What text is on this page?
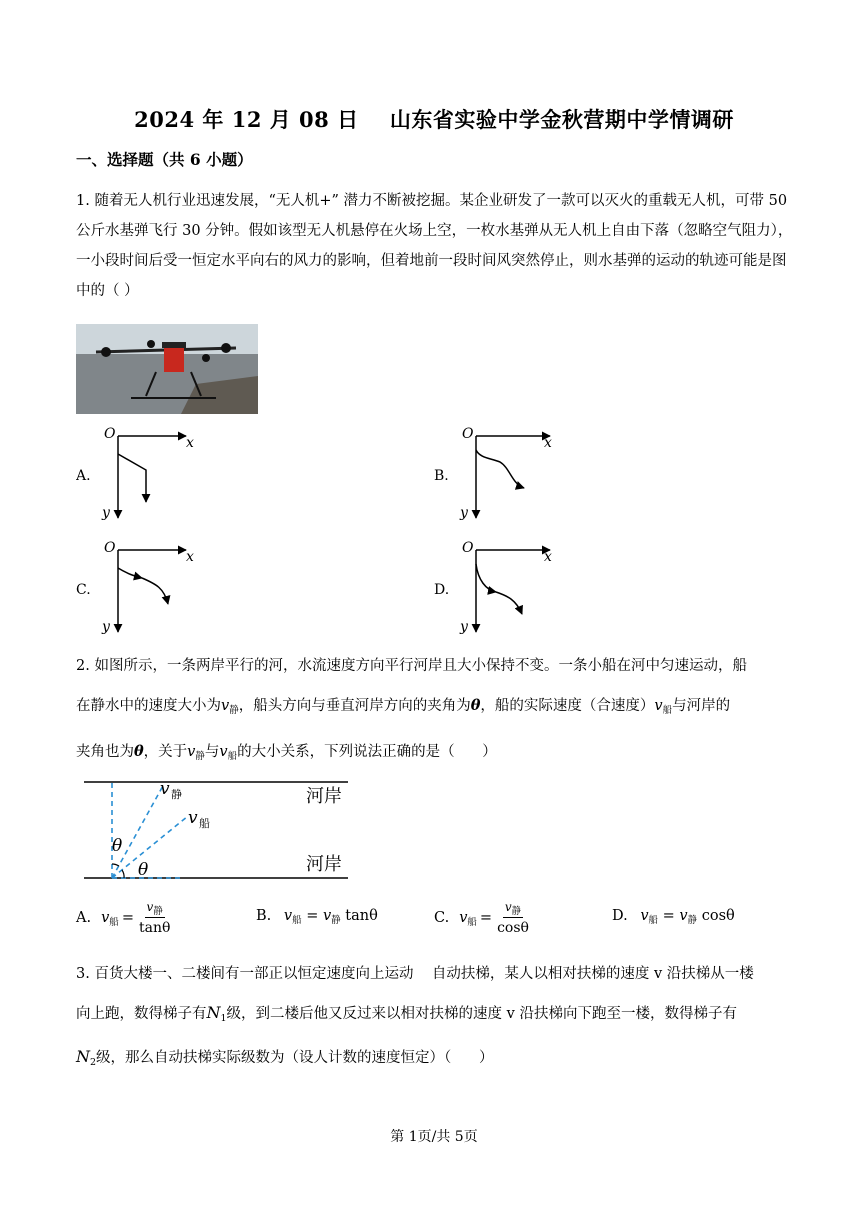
2024 年 12 月 08 日    山东省实验中学金秋营期中学情调研
一、选择题（共 6 小题）
1. 随着无人机行业迅速发展，“无人机+” 潜力不断被挖掘。某企业研发了一款可以灭火的重载无人机，可带 50 公斤水基弹飞行 30 分钟。假如该型无人机悬停在火场上空，一枚水基弹从无人机上自由下落（忽略空气阻力），一小段时间后受一恒定水平向右的风力的影响，但着地前一段时间风突然停止，则水基弹的运动的轨迹可能是图中的（ ）
A.
O
x
y
B.
O
x
y
C.
O
x
y
D.
O
x
y
2. 如图所示，一条两岸平行的河，水流速度方向平行河岸且大小保持不变。一条小船在河中匀速运动，船
在静水中的速度大小为$v_静$，船头方向与垂直河岸方向的夹角为θ，船的实际速度（合速度）$v_船$与河岸的
夹角也为θ，关于$v_静$与$v_船$的大小关系，下列说法正确的是（      ）
θ
θ
v 静
v 船
河岸
河岸
A. v 船 = $\frac{v_静}{\tan\theta}$	B. $v_船 = v_静$ tanθ	C. v 船 = $\frac{v_静}{\cos\theta}$	D. $v_船 = v_静$ cosθ
3. 百货大楼一、二楼间有一部正以恒定速度向上运动    自动扶梯，某人以相对扶梯的速度 v 沿扶梯从一楼
向上跑，数得梯子有$N_1$级，到二楼后他又反过来以相对扶梯的速度 v 沿扶梯向下跑至一楼，数得梯子有
$N_2$级，那么自动扶梯实际级数为（设人计数的速度恒定）（      ）
第 1页/共 5页
